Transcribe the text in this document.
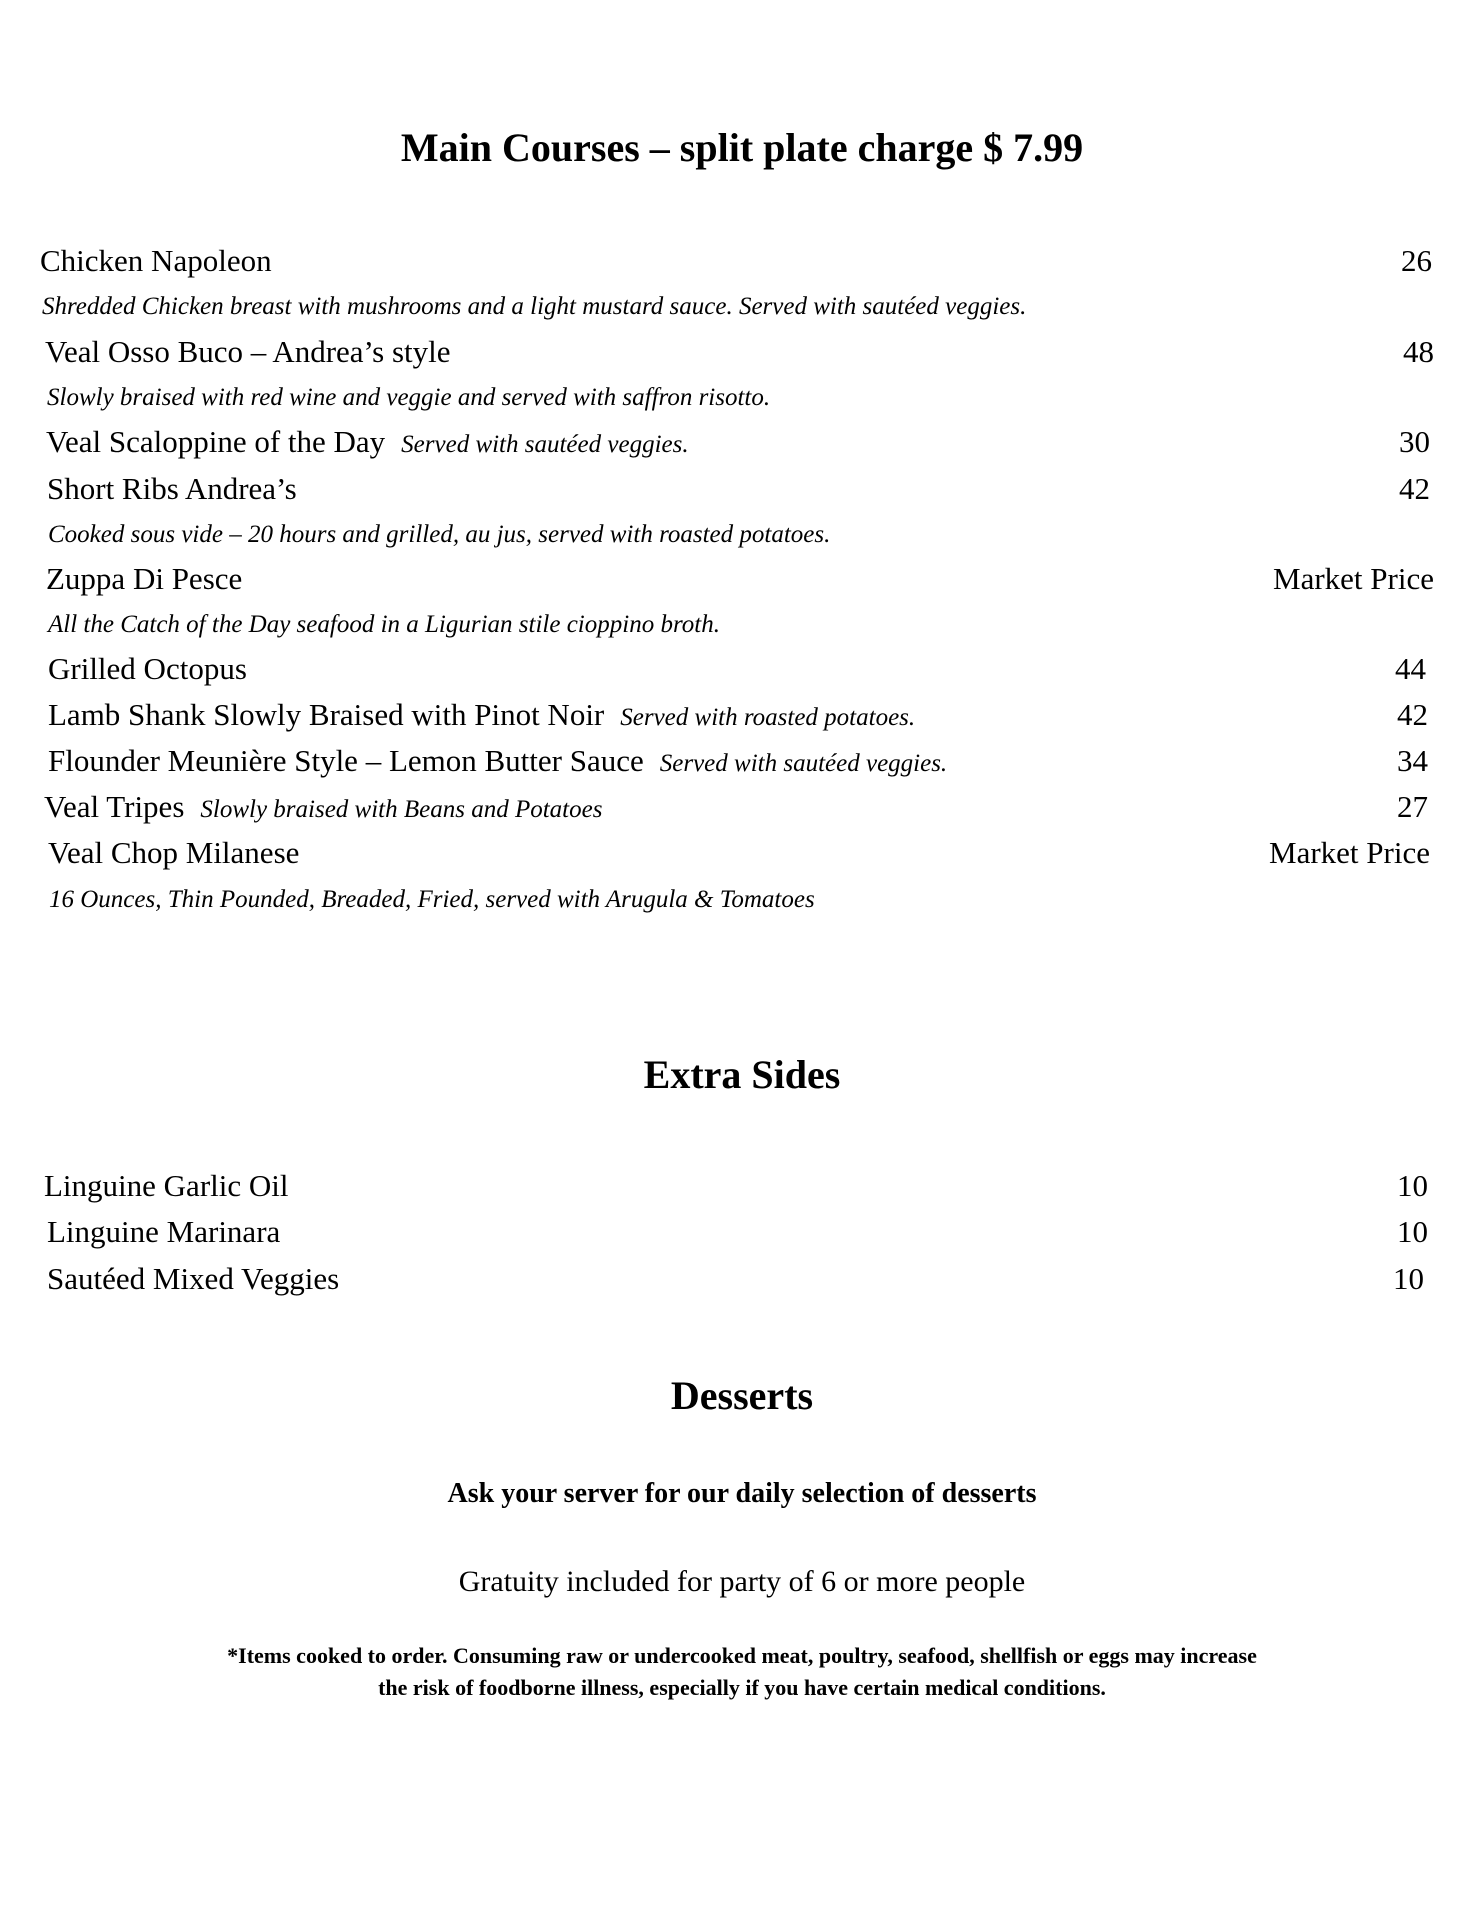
Main Courses – split plate charge $ 7.99
Chicken Napoleon	26
Shredded Chicken breast with mushrooms and a light mustard sauce. Served with sautéed veggies.
Veal Osso Buco – Andrea’s style	48
Slowly braised with red wine and veggie and served with saffron risotto.
Veal Scaloppine of the Day Served with sautéed veggies.	30
Short Ribs Andrea’s	42
Cooked sous vide – 20 hours and grilled, au jus, served with roasted potatoes.
Zuppa Di Pesce	Market Price
All the Catch of the Day seafood in a Ligurian stile cioppino broth.
Grilled Octopus	44
Lamb Shank Slowly Braised with Pinot Noir Served with roasted potatoes.	42
Flounder Meunière Style – Lemon Butter Sauce Served with sautéed veggies.	34
Veal Tripes Slowly braised with Beans and Potatoes	27
Veal Chop Milanese	Market Price
16 Ounces, Thin Pounded, Breaded, Fried, served with Arugula & Tomatoes
Extra Sides
Linguine Garlic Oil	10
Linguine Marinara	10
Sautéed Mixed Veggies	10
Desserts
Ask your server for our daily selection of desserts
Gratuity included for party of 6 or more people
*Items cooked to order. Consuming raw or undercooked meat, poultry, seafood, shellfish or eggs may increase
the risk of foodborne illness, especially if you have certain medical conditions.
